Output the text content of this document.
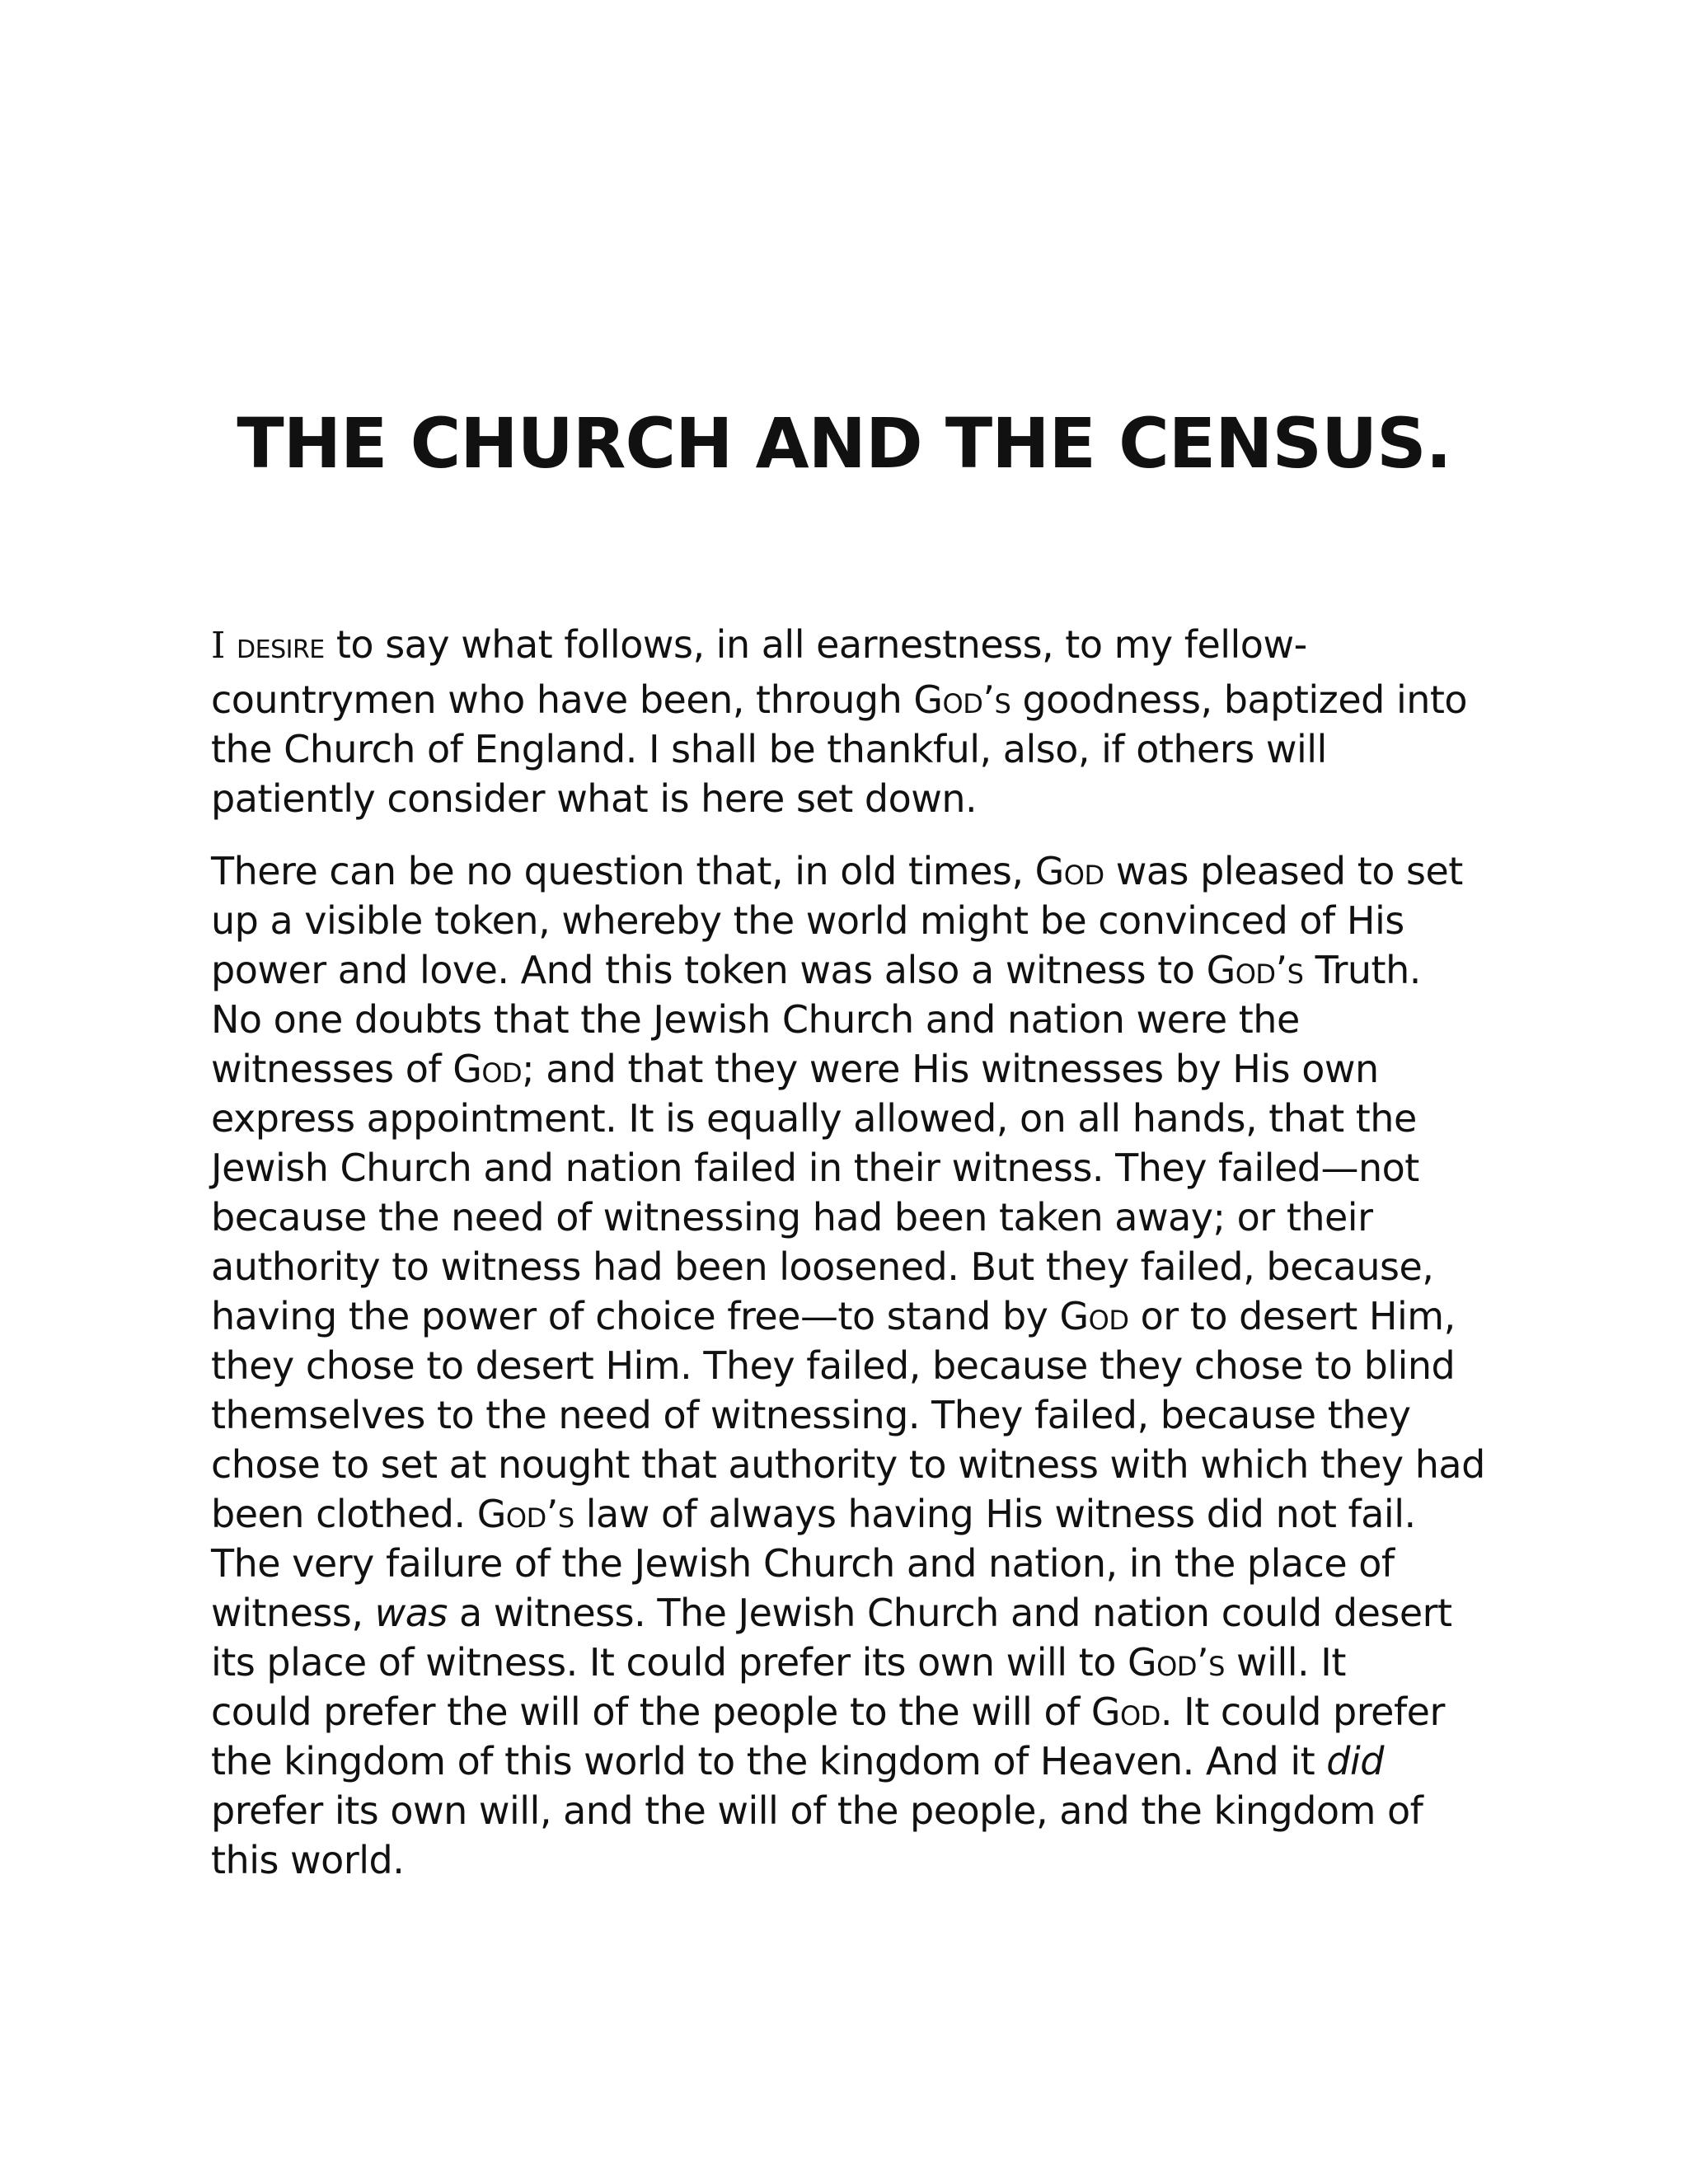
THE CHURCH AND THE CENSUS.

I DESIRE to say what follows, in all earnestness, to my fellow-
countrymen who have been, through God’s goodness, baptized into
the Church of England. I shall be thankful, also, if others will
patiently consider what is here set down.

There can be no question that, in old times, God was pleased to set
up a visible token, whereby the world might be convinced of His
power and love. And this token was also a witness to God’s Truth.
No one doubts that the Jewish Church and nation were the
witnesses of God; and that they were His witnesses by His own
express appointment. It is equally allowed, on all hands, that the
Jewish Church and nation failed in their witness. They failed—not
because the need of witnessing had been taken away; or their
authority to witness had been loosened. But they failed, because,
having the power of choice free—to stand by God or to desert Him,
they chose to desert Him. They failed, because they chose to blind
themselves to the need of witnessing. They failed, because they
chose to set at nought that authority to witness with which they had
been clothed. God’s law of always having His witness did not fail.
The very failure of the Jewish Church and nation, in the place of
witness, was a witness. The Jewish Church and nation could desert
its place of witness. It could prefer its own will to God’s will. It
could prefer the will of the people to the will of God. It could prefer
the kingdom of this world to the kingdom of Heaven. And it did
prefer its own will, and the will of the people, and the kingdom of
this world.
